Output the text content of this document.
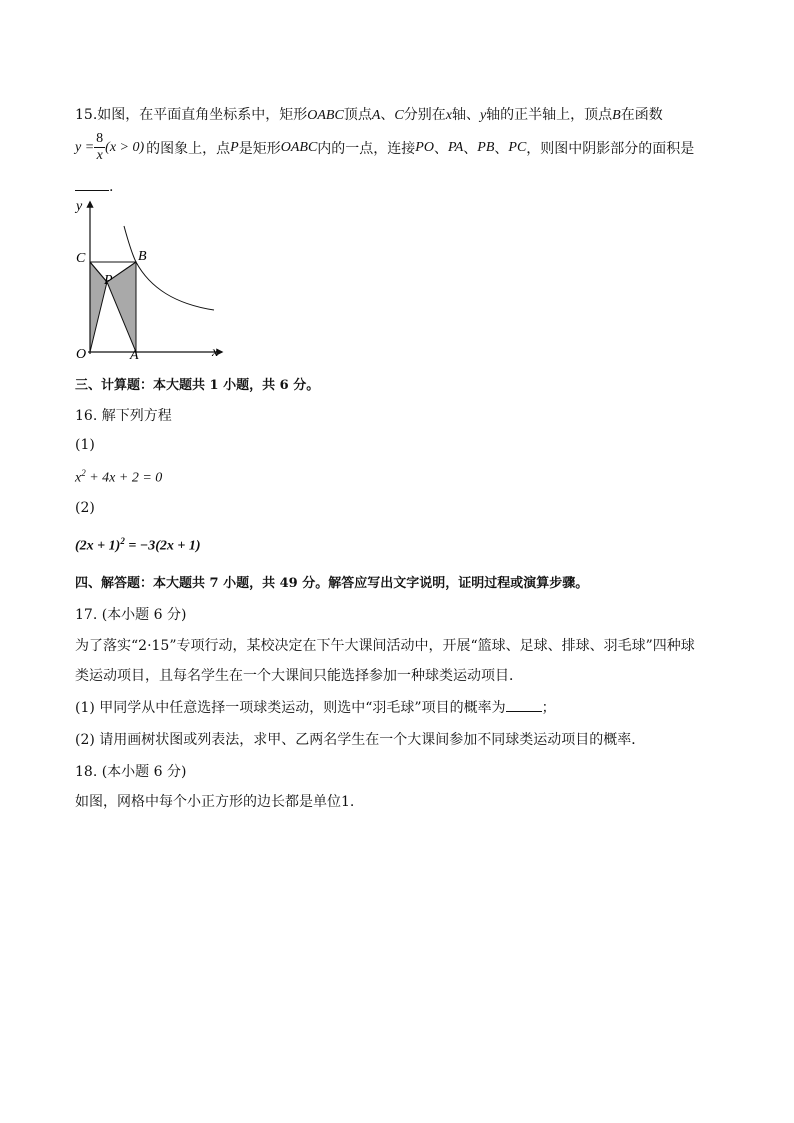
15.如图，在平面直角坐标系中，矩形OABC顶点A、C分别在x轴、y轴的正半轴上，顶点B在函数
$y = \frac{8}{x} (x > 0)$ 的图象上，点 P 是矩形 OABC 内的一点，连接 PO 、 PA 、 PB 、 PC ，则图中阴影部分的面积是
.
y
x
O	A
B
C
P
三、计算题：本大题共 1 小题，共 6 分。
16. 解下列方程
(1)
$x^2 + 4x + 2 = 0$
(2)
$(2x + 1)^2 = -3(2x + 1)$
四、解答题：本大题共 7 小题，共 49 分。解答应写出文字说明，证明过程或演算步骤。
17. (本小题 6 分)
为了落实“2·15”专项行动，某校决定在下午大课间活动中，开展“篮球、足球、排球、羽毛球”四种球
类运动项目，且每名学生在一个大课间只能选择参加一种球类运动项目．
(1) 甲同学从中任意选择一项球类运动，则选中“羽毛球”项目的概率为	；
(2) 请用画树状图或列表法，求甲、乙两名学生在一个大课间参加不同球类运动项目的概率．
18. (本小题 6 分)
如图，网格中每个小正方形的边长都是单位1.
